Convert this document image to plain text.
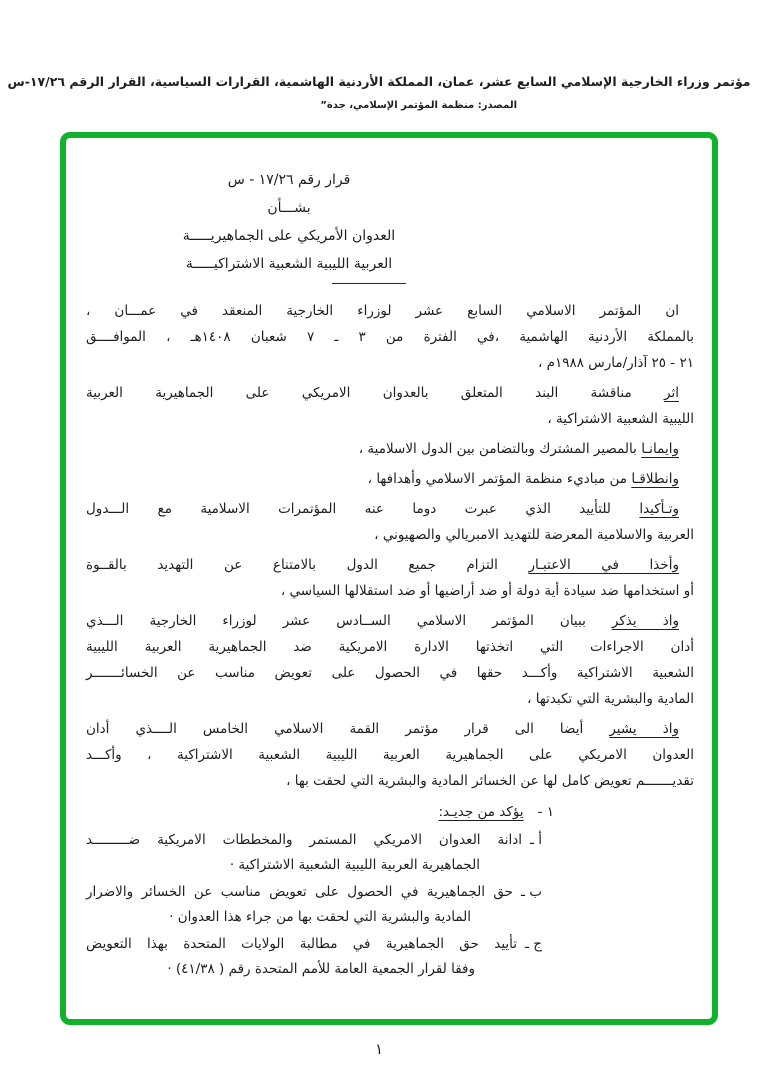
مؤتمر وزراء الخارجية الإسلامي السابع عشر، عمان، المملكة الأردنية الهاشمية، القرارات السياسية، القرار الرقم ١٧/٢٦-س
المصدر: منظمة المؤتمر الإسلامي، جدة”
قرار رقم ١٧/٢٦ - س
بشـــأن
العدوان الأمريكي على الجماهيريـــــة
العربية الليبية الشعبية الاشتراكيـــــة
ان المؤتمر الاسلامي السابع عشر لوزراء الخارجية المنعقد في عمـــان ،
بالمملكة الأردنية الهاشمية ،في الفترة من ٣ ـ ٧ شعبان ١٤٠٨هـ ، الموافــــق
٢١ - ٢٥ آذار/مارس ١٩٨٨م ،
اثر مناقشة البند المتعلق بالعدوان الامريكي على الجماهيرية العربية
الليبية الشعبية الاشتراكية ،
وايمانـا بالمصير المشترك وبالتضامن بين الدول الاسلامية ،
وانطلاقـا من مباديء منظمة المؤتمر الاسلامي وأهدافها ،
وتـأكيدا للتأييد الذي عبرت دوما عنه المؤتمرات الاسلامية مع الـــدول
العربية والاسلامية المعرضة للتهديد الامبريالي والصهيوني ،
وأخذا في الاعتبـار التزام جميع الدول بالامتناع عن التهديد بالقــوة
أو استخدامها ضد سيادة أية دولة أو ضد أراضيها أو ضد استقلالها السياسي ،
واذ يذكر ببيان المؤتمر الاسلامي الســادس عشر لوزراء الخارجية الـــذي
أدان الاجراءات التي اتخذتها الادارة الامريكية ضد الجماهيرية العربية الليبية
الشعبية الاشتراكية وأكـــد حقها في الحصول على تعويض مناسب عن الخسائـــــــر
المادية والبشرية التي تكبدتها ،
واذ يشير أيضا الى قرار مؤتمر القمة الاسلامي الخامس الــــذي أدان
العدوان الامريكي على الجماهيرية العربية الليبية الشعبية الاشتراكية ، وأكـــد
تقديـــــــم تعويض كامل لها عن الخسائر المادية والبشرية التي لحقت بها ،
١ -يؤكد من جديـد:
أ ـ
ادانة العدوان الامريكي المستمر والمخططات الامريكية ضـــــــــد
الجماهيرية العربية الليبية الشعبية الاشتراكية ·
ب ـ
حق الجماهيرية في الحصول على تعويض مناسب عن الخسائر والاضرار
المادية والبشرية التي لحقت بها من جراء هذا العدوان ·
ج ـ
تأييد حق الجماهيرية في مطالبة الولايات المتحدة بهذا التعويض
وفقا لقرار الجمعية العامة للأمم المتحدة رقم ( ٤١/٣٨) ·
١
